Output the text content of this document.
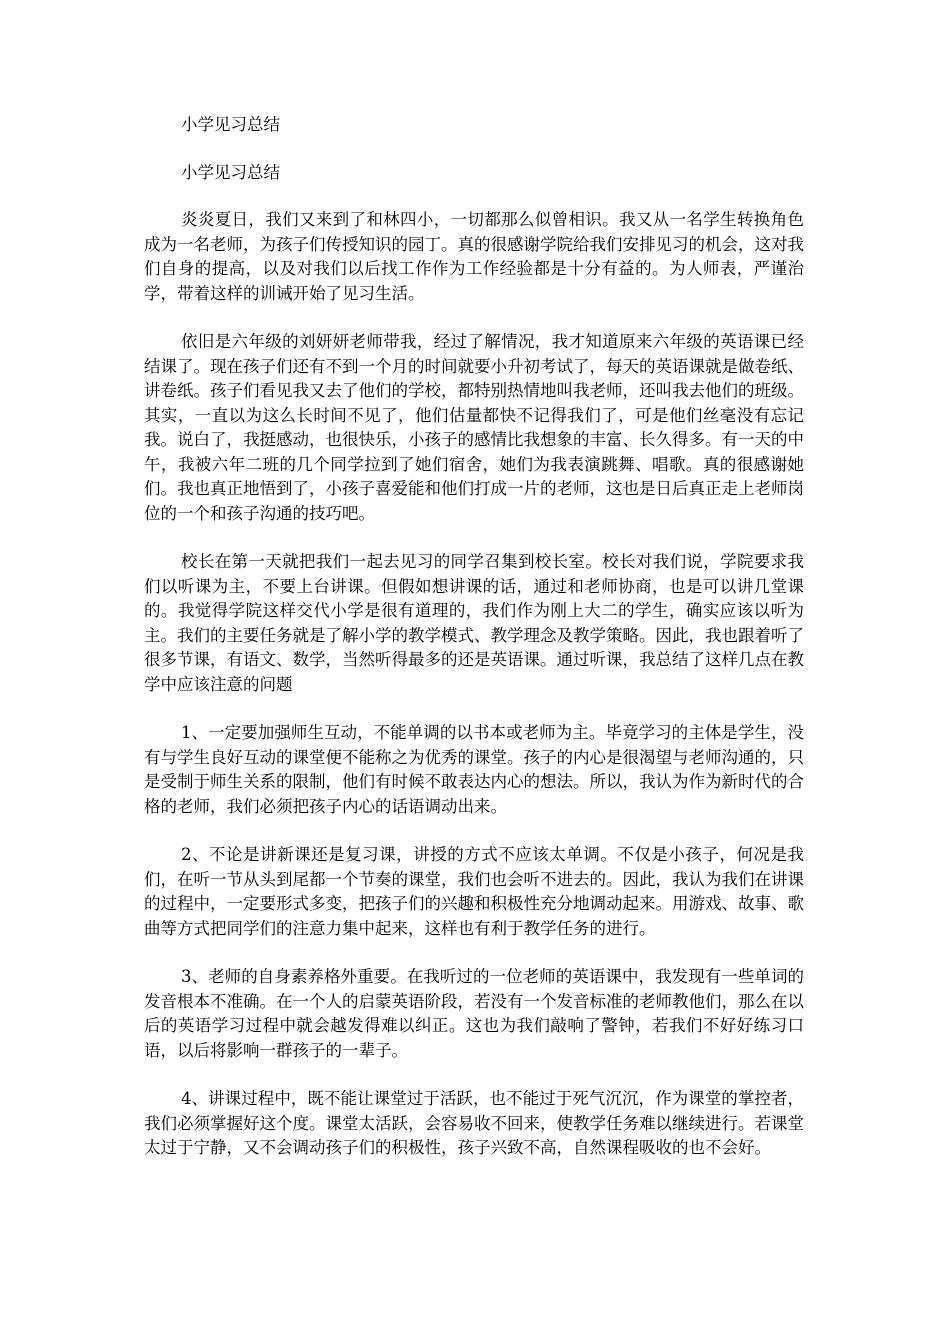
小学见习总结

小学见习总结

炎炎夏日，我们又来到了和林四小，一切都那么似曾相识。我又从一名学生转换角色成为一名老师，为孩子们传授知识的园丁。真的很感谢学院给我们安排见习的机会，这对我们自身的提高，以及对我们以后找工作作为工作经验都是十分有益的。为人师表，严谨治学，带着这样的训诫开始了见习生活。

依旧是六年级的刘妍妍老师带我，经过了解情况，我才知道原来六年级的英语课已经结课了。现在孩子们还有不到一个月的时间就要小升初考试了，每天的英语课就是做卷纸、讲卷纸。孩子们看见我又去了他们的学校，都特别热情地叫我老师，还叫我去他们的班级。其实，一直以为这么长时间不见了，他们估量都快不记得我们了，可是他们丝毫没有忘记我。说白了，我挺感动，也很快乐，小孩子的感情比我想象的丰富、长久得多。有一天的中午，我被六年二班的几个同学拉到了她们宿舍，她们为我表演跳舞、唱歌。真的很感谢她们。我也真正地悟到了，小孩子喜爱能和他们打成一片的老师，这也是日后真正走上老师岗位的一个和孩子沟通的技巧吧。

校长在第一天就把我们一起去见习的同学召集到校长室。校长对我们说，学院要求我们以听课为主，不要上台讲课。但假如想讲课的话，通过和老师协商，也是可以讲几堂课的。我觉得学院这样交代小学是很有道理的，我们作为刚上大二的学生，确实应该以听为主。我们的主要任务就是了解小学的教学模式、教学理念及教学策略。因此，我也跟着听了很多节课，有语文、数学，当然听得最多的还是英语课。通过听课，我总结了这样几点在教学中应该注意的问题

1、一定要加强师生互动，不能单调的以书本或老师为主。毕竟学习的主体是学生，没有与学生良好互动的课堂便不能称之为优秀的课堂。孩子的内心是很渴望与老师沟通的，只是受制于师生关系的限制，他们有时候不敢表达内心的想法。所以，我认为作为新时代的合格的老师，我们必须把孩子内心的话语调动出来。

2、不论是讲新课还是复习课，讲授的方式不应该太单调。不仅是小孩子，何况是我们，在听一节从头到尾都一个节奏的课堂，我们也会听不进去的。因此，我认为我们在讲课的过程中，一定要形式多变，把孩子们的兴趣和积极性充分地调动起来。用游戏、故事、歌曲等方式把同学们的注意力集中起来，这样也有利于教学任务的进行。

3、老师的自身素养格外重要。在我听过的一位老师的英语课中，我发现有一些单词的发音根本不准确。在一个人的启蒙英语阶段，若没有一个发音标准的老师教他们，那么在以后的英语学习过程中就会越发得难以纠正。这也为我们敲响了警钟，若我们不好好练习口语，以后将影响一群孩子的一辈子。

4、讲课过程中，既不能让课堂过于活跃，也不能过于死气沉沉，作为课堂的掌控者，我们必须掌握好这个度。课堂太活跃，会容易收不回来，使教学任务难以继续进行。若课堂太过于宁静，又不会调动孩子们的积极性，孩子兴致不高，自然课程吸收的也不会好。
